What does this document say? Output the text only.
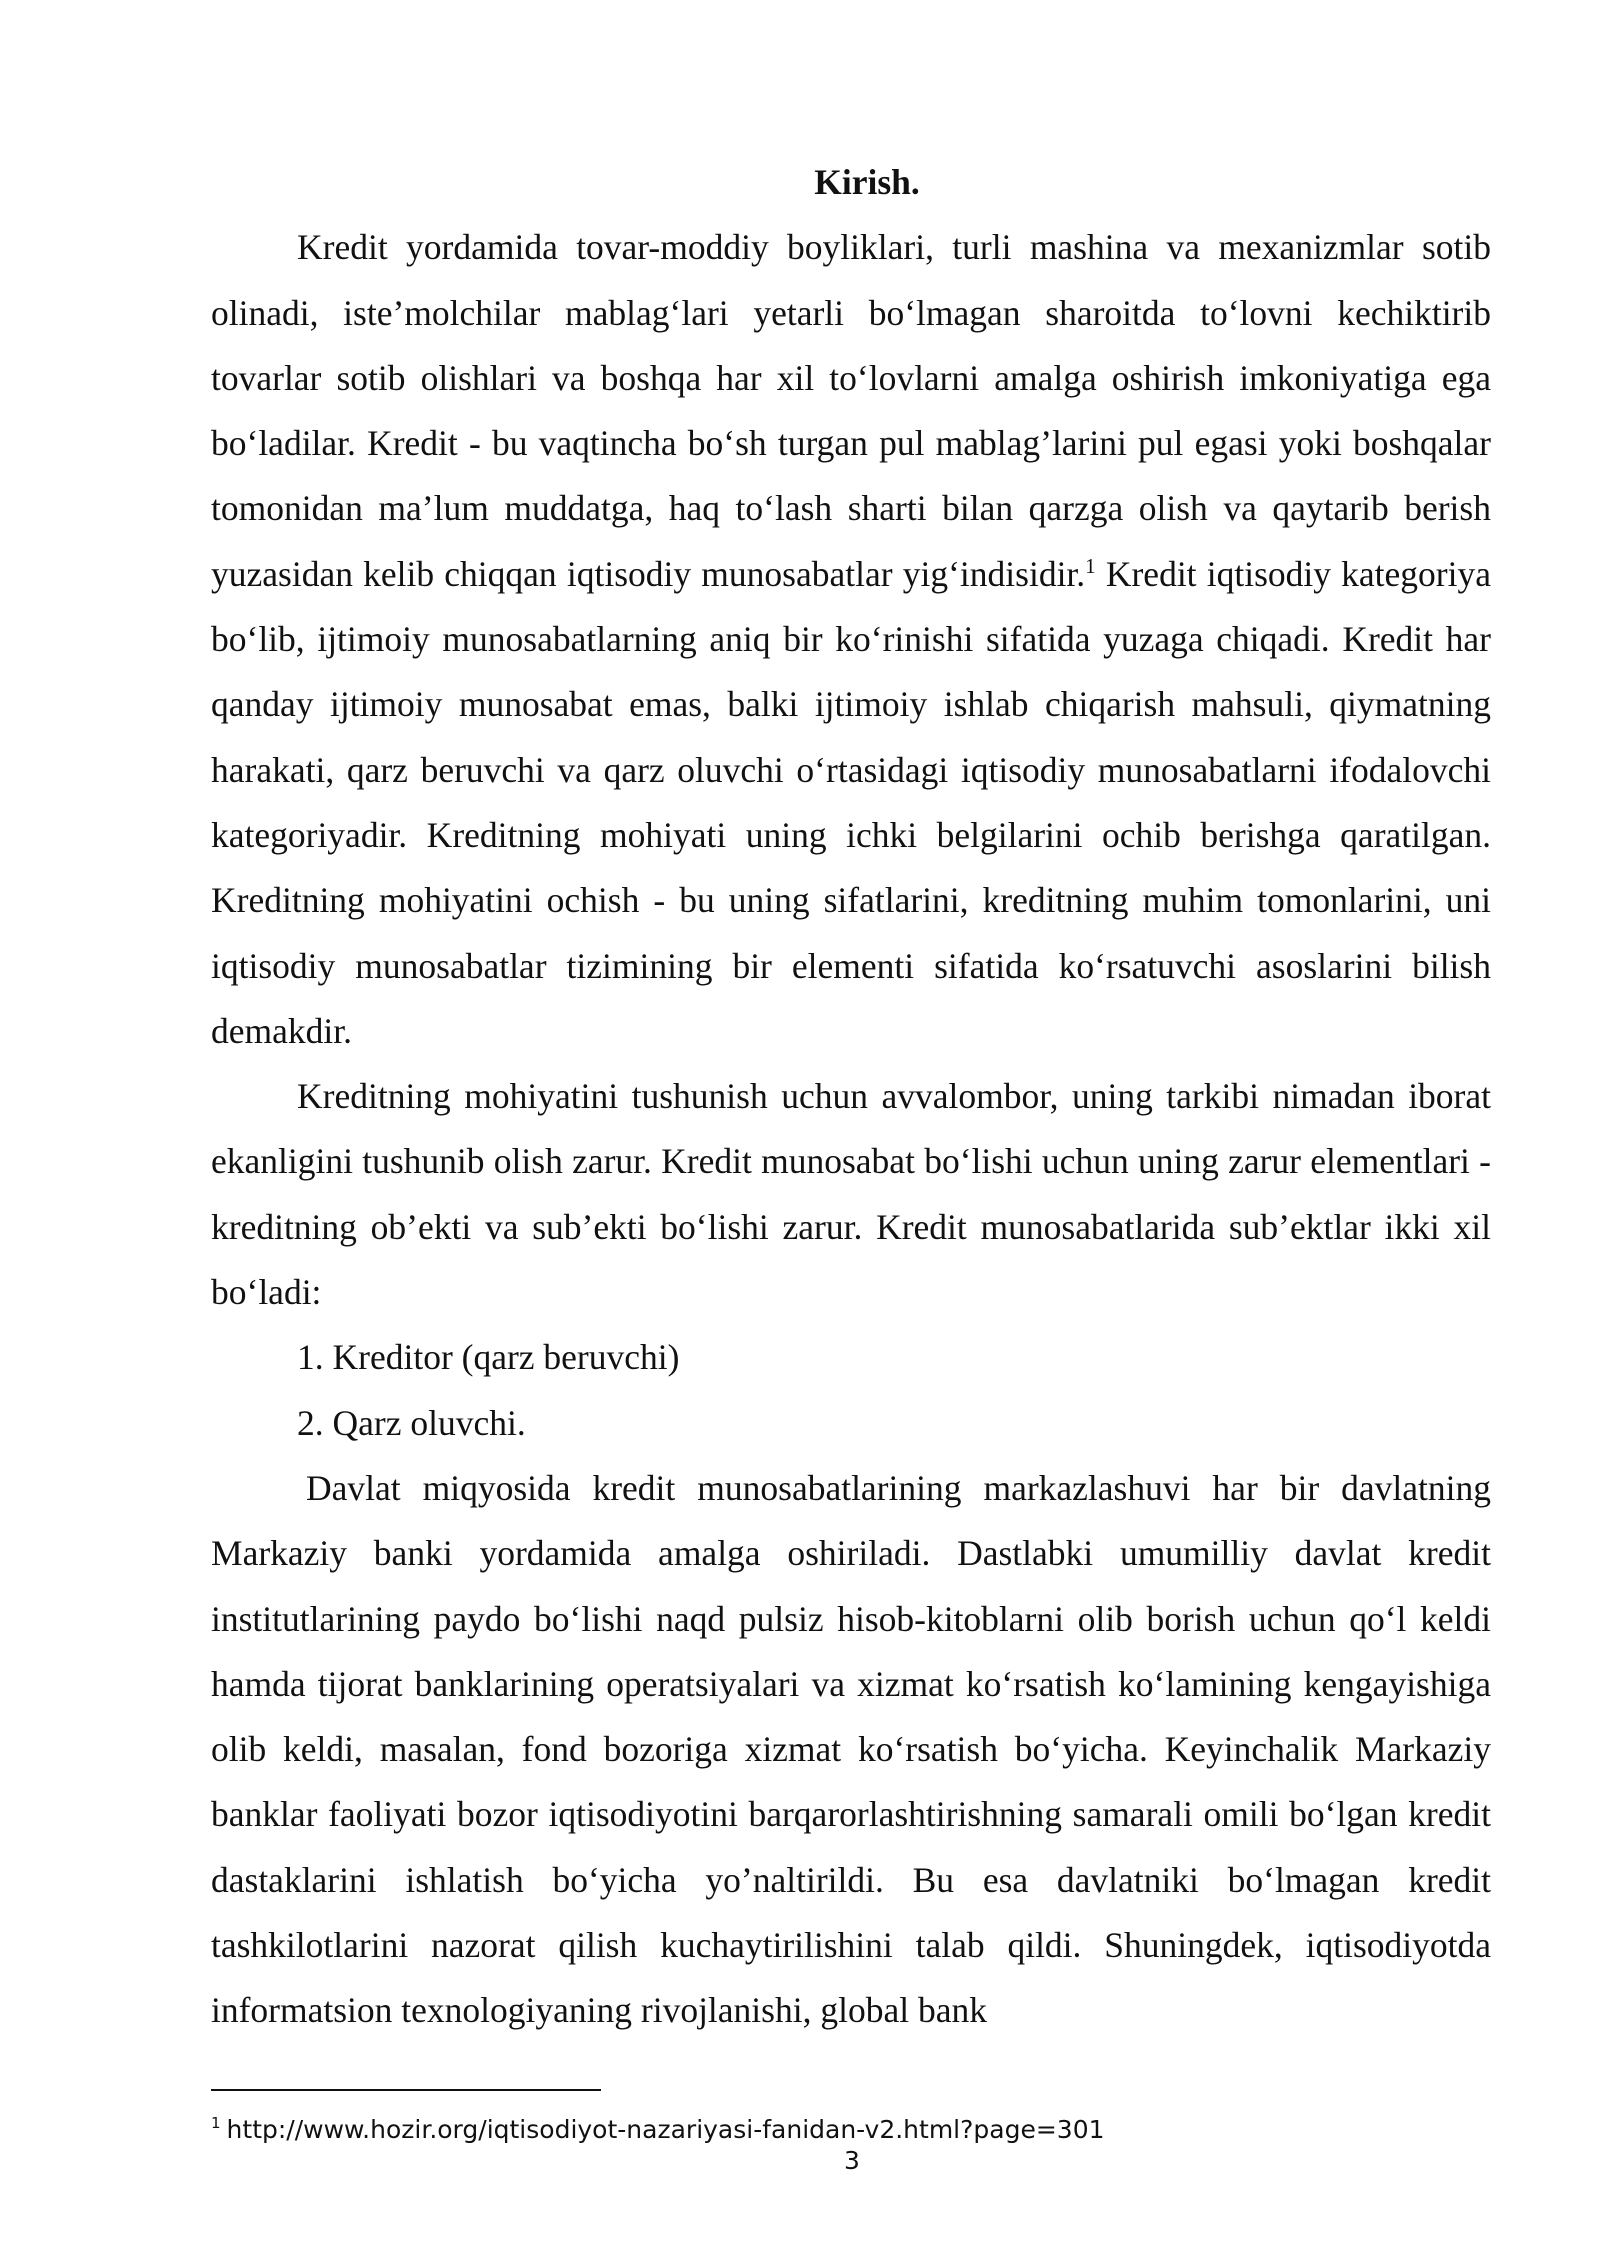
Kirish.

Kredit yordamida tovar-moddiy boyliklari, turli mashina va mexanizmlar sotib olinadi, iste’molchilar mablag‘lari yetarli bo‘lmagan sharoitda to‘lovni kechiktirib tovarlar sotib olishlari va boshqa har xil to‘lovlarni amalga oshirish imkoniyatiga ega bo‘ladilar. Kredit - bu vaqtincha bo‘sh turgan pul mablag’larini pul egasi yoki boshqalar tomonidan ma’lum muddatga, haq to‘lash sharti bilan qarzga olish va qaytarib berish yuzasidan kelib chiqqan iqtisodiy munosabatlar yig‘indisidir.$^1$ Kredit iqtisodiy kategoriya bo‘lib, ijtimoiy munosabatlarning aniq bir ko‘rinishi sifatida yuzaga chiqadi. Kredit har qanday ijtimoiy munosabat emas, balki ijtimoiy ishlab chiqarish mahsuli, qiymatning harakati, qarz beruvchi va qarz oluvchi o‘rtasidagi iqtisodiy munosabatlarni ifodalovchi kategoriyadir. Kreditning mohiyati uning ichki belgilarini ochib berishga qaratilgan. Kreditning mohiyatini ochish - bu uning sifatlarini, kreditning muhim tomonlarini, uni iqtisodiy munosabatlar tizimining bir elementi sifatida ko‘rsatuvchi asoslarini bilish demakdir.

Kreditning mohiyatini tushunish uchun avvalombor, uning tarkibi nimadan iborat ekanligini tushunib olish zarur. Kredit munosabat bo‘lishi uchun uning zarur elementlari - kreditning ob’ekti va sub’ekti bo‘lishi zarur. Kredit munosabatlarida sub’ektlar ikki xil bo‘ladi:

1. Kreditor (qarz beruvchi)

2. Qarz oluvchi.

Davlat miqyosida kredit munosabatlarining markazlashuvi har bir davlatning Markaziy banki yordamida amalga oshiriladi. Dastlabki umumilliy davlat kredit institutlarining paydo bo‘lishi naqd pulsiz hisob-kitoblarni olib borish uchun qo‘l keldi hamda tijorat banklarining operatsiyalari va xizmat ko‘rsatish ko‘lamining kengayishiga olib keldi, masalan, fond bozoriga xizmat ko‘rsatish bo‘yicha. Keyinchalik Markaziy banklar faoliyati bozor iqtisodiyotini barqarorlashtirishning samarali omili bo‘lgan kredit dastaklarini ishlatish bo‘yicha yo’naltirildi. Bu esa davlatniki bo‘lmagan kredit tashkilotlarini nazorat qilish kuchaytirilishini talab qildi. Shuningdek, iqtisodiyotda informatsion texnologiyaning rivojlanishi, global bank

$^1$ http://www.hozir.org/iqtisodiyot-nazariyasi-fanidan-v2.html?page=301
3
